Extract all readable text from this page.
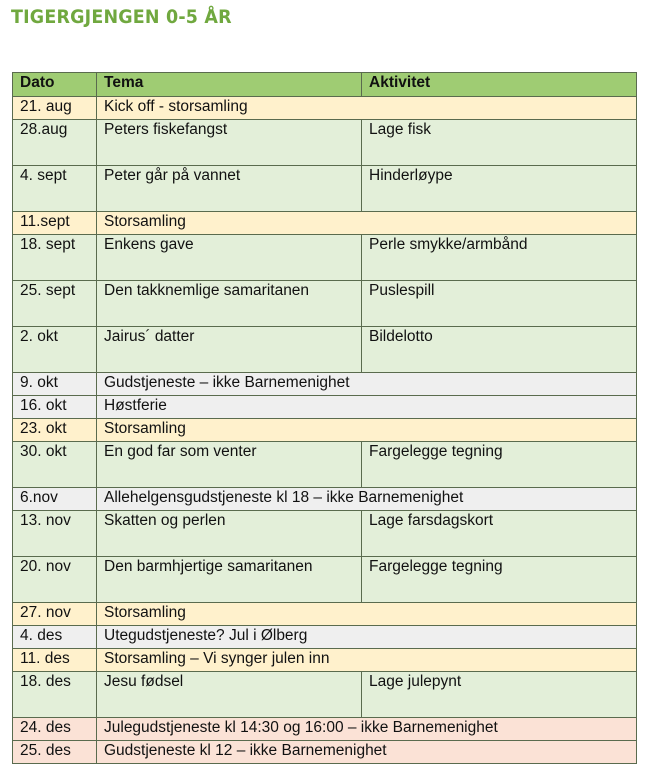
TIGERGJENGEN 0-5 ÅR
Dato	Tema	Aktivitet
21. aug	Kick off - storsamling	
28.aug	Peters fiskefangst	Lage fisk
4. sept	Peter går på vannet	Hinderløype
11.sept	Storsamling	
18. sept	Enkens gave	Perle smykke/armbånd
25. sept	Den takknemlige samaritanen	Puslespill
2. okt	Jairus´ datter	Bildelotto
9. okt	Gudstjeneste – ikke Barnemenighet	
16. okt	Høstferie	
23. okt	Storsamling	
30. okt	En god far som venter	Fargelegge tegning
6.nov	Allehelgensgudstjeneste kl 18 – ikke Barnemenighet	
13. nov	Skatten og perlen	Lage farsdagskort
20. nov	Den barmhjertige samaritanen	Fargelegge tegning
27. nov	Storsamling	
4. des	Utegudstjeneste? Jul i Ølberg	
11. des	Storsamling – Vi synger julen inn	
18. des	Jesu fødsel	Lage julepynt
24. des	Julegudstjeneste kl 14:30 og 16:00 – ikke Barnemenighet	
25. des	Gudstjeneste kl 12 – ikke Barnemenighet	
